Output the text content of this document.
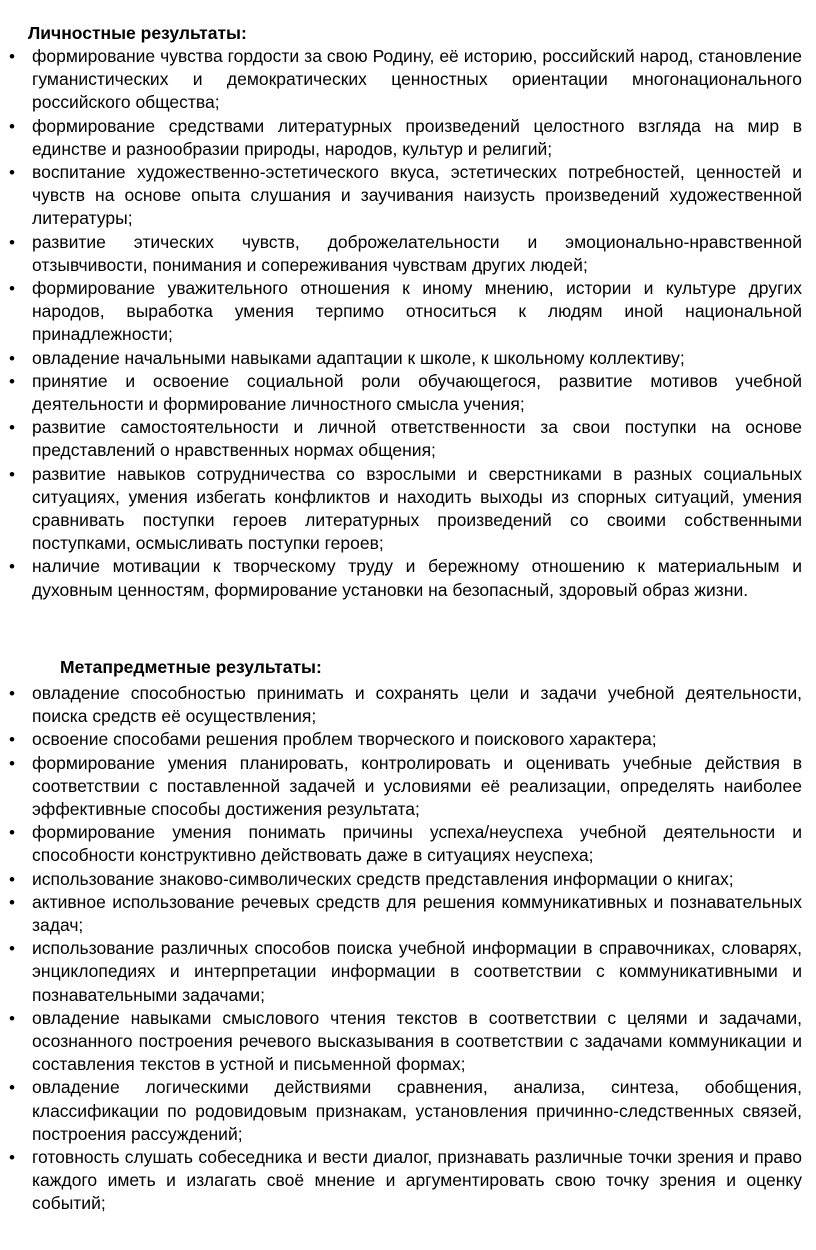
Личностные результаты:
• формирование чувства гордости за свою Родину, её историю, российский народ, становление гуманистических и демократических ценностных ориентации многонационального российского общества;
• формирование средствами литературных произведений целостного взгляда на мир в единстве и разнообразии природы, народов, культур и религий;
• воспитание художественно-эстетического вкуса, эстетических потребностей, ценностей и чувств на основе опыта слушания и заучивания наизусть произведений художественной литературы;
• развитие этических чувств, доброжелательности и эмоционально-нравственной отзывчивости, понимания и сопереживания чувствам других людей;
• формирование уважительного отношения к иному мнению, истории и культуре других народов, выработка умения терпимо относиться к людям иной национальной принадлежности;
• овладение начальными навыками адаптации к школе, к школьному коллективу;
• принятие и освоение социальной роли обучающегося, развитие мотивов учебной деятельности и формирование личностного смысла учения;
• развитие самостоятельности и личной ответственности за свои поступки на основе представлений о нравственных нормах общения;
• развитие навыков сотрудничества со взрослыми и сверстниками в разных социальных ситуациях, умения избегать конфликтов и находить выходы из спорных ситуаций, умения сравнивать поступки героев литературных произведений со своими собственными поступками, осмысливать поступки героев;
• наличие мотивации к творческому труду и бережному отношению к материальным и духовным ценностям, формирование установки на безопасный, здоровый образ жизни.
Метапредметные результаты:
• овладение способностью принимать и сохранять цели и задачи учебной деятельности, поиска средств её осуществления;
• освоение способами решения проблем творческого и поискового характера;
• формирование умения планировать, контролировать и оценивать учебные действия в соответствии с поставленной задачей и условиями её реализации, определять наиболее эффективные способы достижения результата;
• формирование умения понимать причины успеха/неуспеха учебной деятельности и способности конструктивно действовать даже в ситуациях неуспеха;
• использование знаково-символических средств представления информации о книгах;
• активное использование речевых средств для решения коммуникативных и познавательных задач;
• использование различных способов поиска учебной информации в справочниках, словарях, энциклопедиях и интерпретации информации в соответствии с коммуникативными и познавательными задачами;
• овладение навыками смыслового чтения текстов в соответствии с целями и задачами, осознанного построения речевого высказывания в соответствии с задачами коммуникации и составления текстов в устной и письменной формах;
• овладение логическими действиями сравнения, анализа, синтеза, обобщения, классификации по родовидовым признакам, установления причинно-следственных связей, построения рассуждений;
• готовность слушать собеседника и вести диалог, признавать различные точки зрения и право каждого иметь и излагать своё мнение и аргументировать свою точку зрения и оценку событий;
